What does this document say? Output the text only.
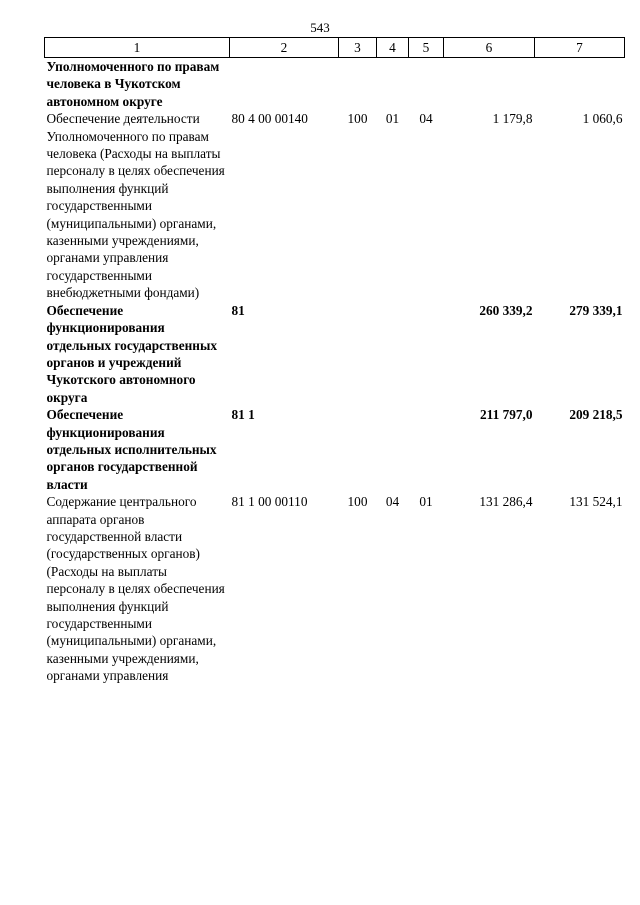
543
1	2	3	4	5	6	7
Уполномоченного по правам человека в Чукотском автономном округе						
Обеспечение деятельности Уполномоченного по правам человека (Расходы на выплаты персоналу в целях обеспечения выполнения функций государственными (муниципальными) органами, казенными учреждениями, органами управления государственными внебюджетными фондами)	80 4 00 00140	100	01	04	1 179,8	1 060,6
Обеспечение функционирования отдельных государственных органов и учреждений Чукотского автономного округа	81				260 339,2	279 339,1
Обеспечение функционирования отдельных исполнительных органов государственной власти	81 1				211 797,0	209 218,5
Содержание центрального аппарата органов государственной власти (государственных органов) (Расходы на выплаты персоналу в целях обеспечения выполнения функций государственными (муниципальными) органами, казенными учреждениями, органами управления	81 1 00 00110	100	04	01	131 286,4	131 524,1
